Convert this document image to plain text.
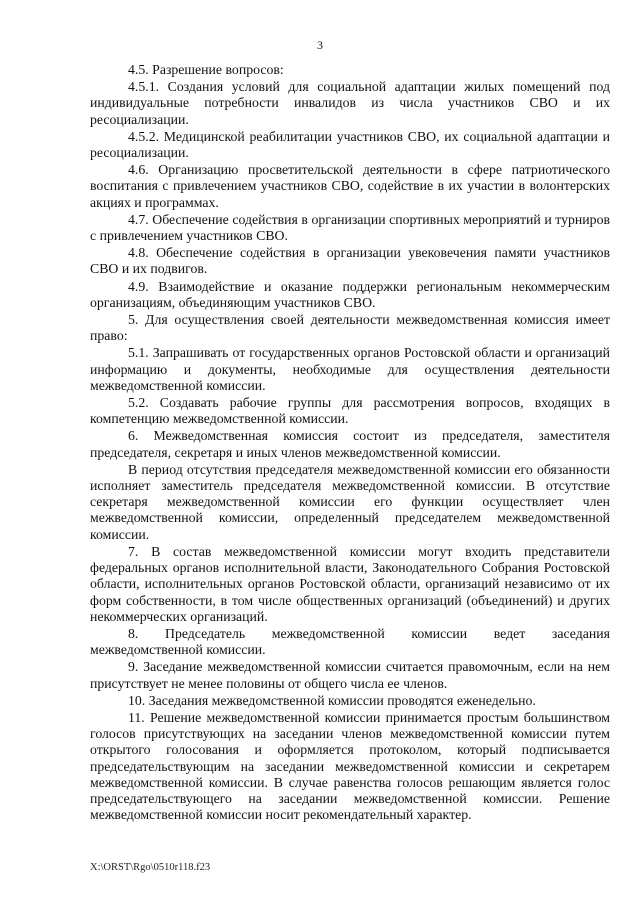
3

4.5. Разрешение вопросов:

4.5.1. Создания условий для социальной адаптации жилых помещений под индивидуальные потребности инвалидов из числа участников СВО и их ресоциализации.

4.5.2. Медицинской реабилитации участников СВО, их социальной адаптации и ресоциализации.

4.6. Организацию просветительской деятельности в сфере патриотического воспитания с привлечением участников СВО, содействие в их участии в волонтерских акциях и программах.

4.7. Обеспечение содействия в организации спортивных мероприятий и турниров с привлечением участников СВО.

4.8. Обеспечение содействия в организации увековечения памяти участников СВО и их подвигов.

4.9. Взаимодействие и оказание поддержки региональным некоммерческим организациям, объединяющим участников СВО.

5. Для осуществления своей деятельности межведомственная комиссия имеет право:

5.1. Запрашивать от государственных органов Ростовской области и организаций информацию и документы, необходимые для осуществления деятельности межведомственной комиссии.

5.2. Создавать рабочие группы для рассмотрения вопросов, входящих в компетенцию межведомственной комиссии.

6. Межведомственная комиссия состоит из председателя, заместителя председателя, секретаря и иных членов межведомственной комиссии.

В период отсутствия председателя межведомственной комиссии его обязанности исполняет заместитель председателя межведомственной комиссии. В отсутствие секретаря межведомственной комиссии его функции осуществляет член межведомственной комиссии, определенный председателем межведомственной комиссии.

7. В состав межведомственной комиссии могут входить представители федеральных органов исполнительной власти, Законодательного Собрания Ростовской области, исполнительных органов Ростовской области, организаций независимо от их форм собственности, в том числе общественных организаций (объединений) и других некоммерческих организаций.

8. Председатель межведомственной комиссии ведет заседания межведомственной комиссии.

9. Заседание межведомственной комиссии считается правомочным, если на нем присутствует не менее половины от общего числа ее членов.

10. Заседания межведомственной комиссии проводятся еженедельно.

11. Решение межведомственной комиссии принимается простым большинством голосов присутствующих на заседании членов межведомственной комиссии путем открытого голосования и оформляется протоколом, который подписывается председательствующим на заседании межведомственной комиссии и секретарем межведомственной комиссии. В случае равенства голосов решающим является голос председательствующего на заседании межведомственной комиссии. Решение межведомственной комиссии носит рекомендательный характер.

X:\ORST\Rgo\0510r118.f23
